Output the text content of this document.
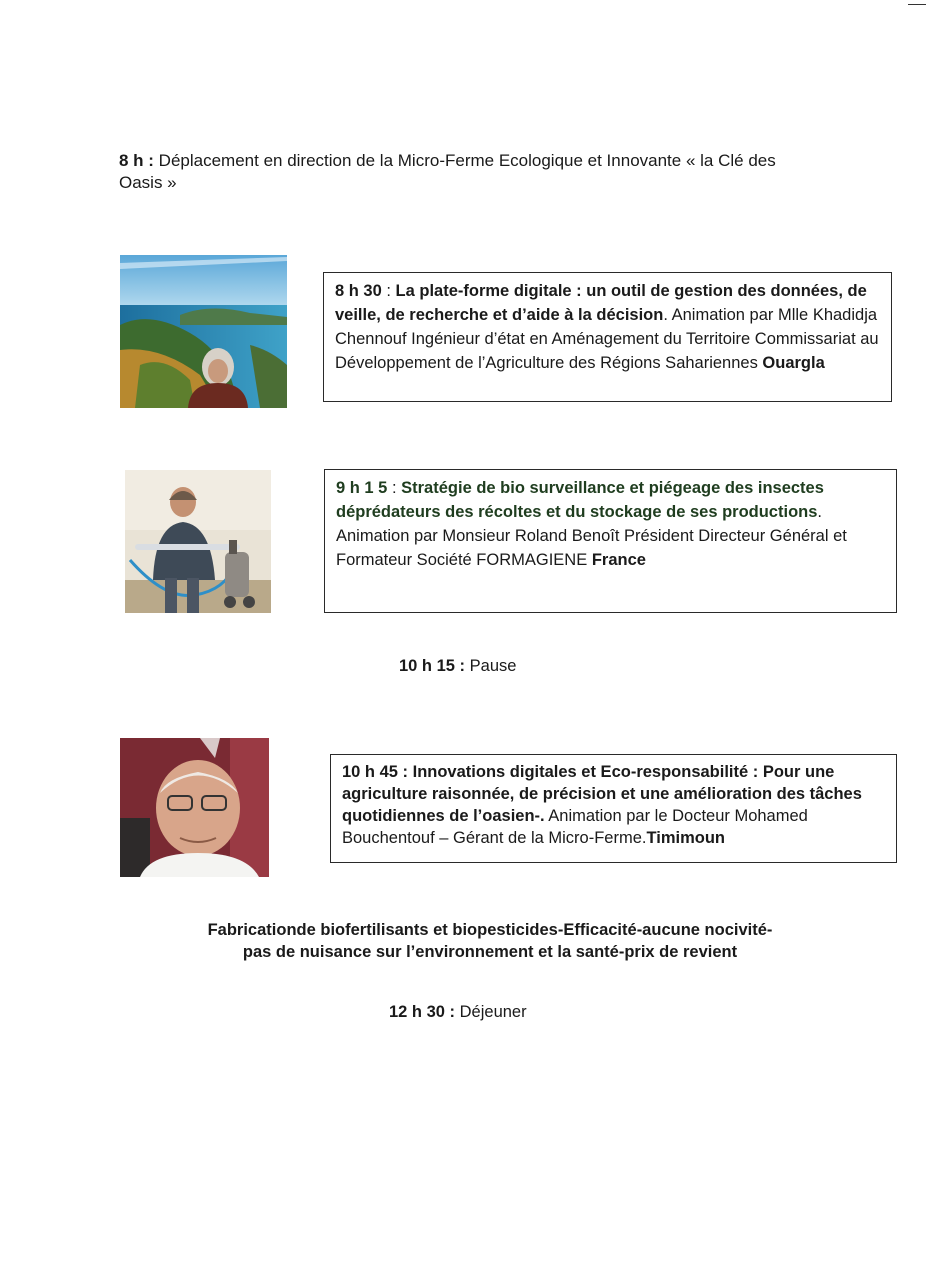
8 h : Déplacement en direction de la Micro-Ferme Ecologique et Innovante « la Clé des Oasis »
8 h 30 : La plate-forme digitale : un outil de gestion des données, de veille, de recherche et d’aide à la décision. Animation par Mlle Khadidja Chennouf Ingénieur d’état en Aménagement du Territoire Commissariat au Développement de l’Agriculture des Régions Sahariennes Ouargla
9 h 1 5 : Stratégie de bio surveillance et piégeage des insectes déprédateurs des récoltes et du stockage de ses productions. Animation par Monsieur Roland Benoît Président Directeur Général et Formateur Société FORMAGIENE France
10 h 15 : Pause
10 h 45 : Innovations digitales et Eco-responsabilité : Pour une agriculture raisonnée, de précision et une amélioration des tâches quotidiennes de l’oasien-. Animation par le Docteur Mohamed Bouchentouf – Gérant de la Micro-Ferme.Timimoun
Fabricationde biofertilisants et biopesticides-Efficacité-aucune nocivité-
pas de nuisance sur l’environnement et la santé-prix de revient
12 h 30 : Déjeuner
